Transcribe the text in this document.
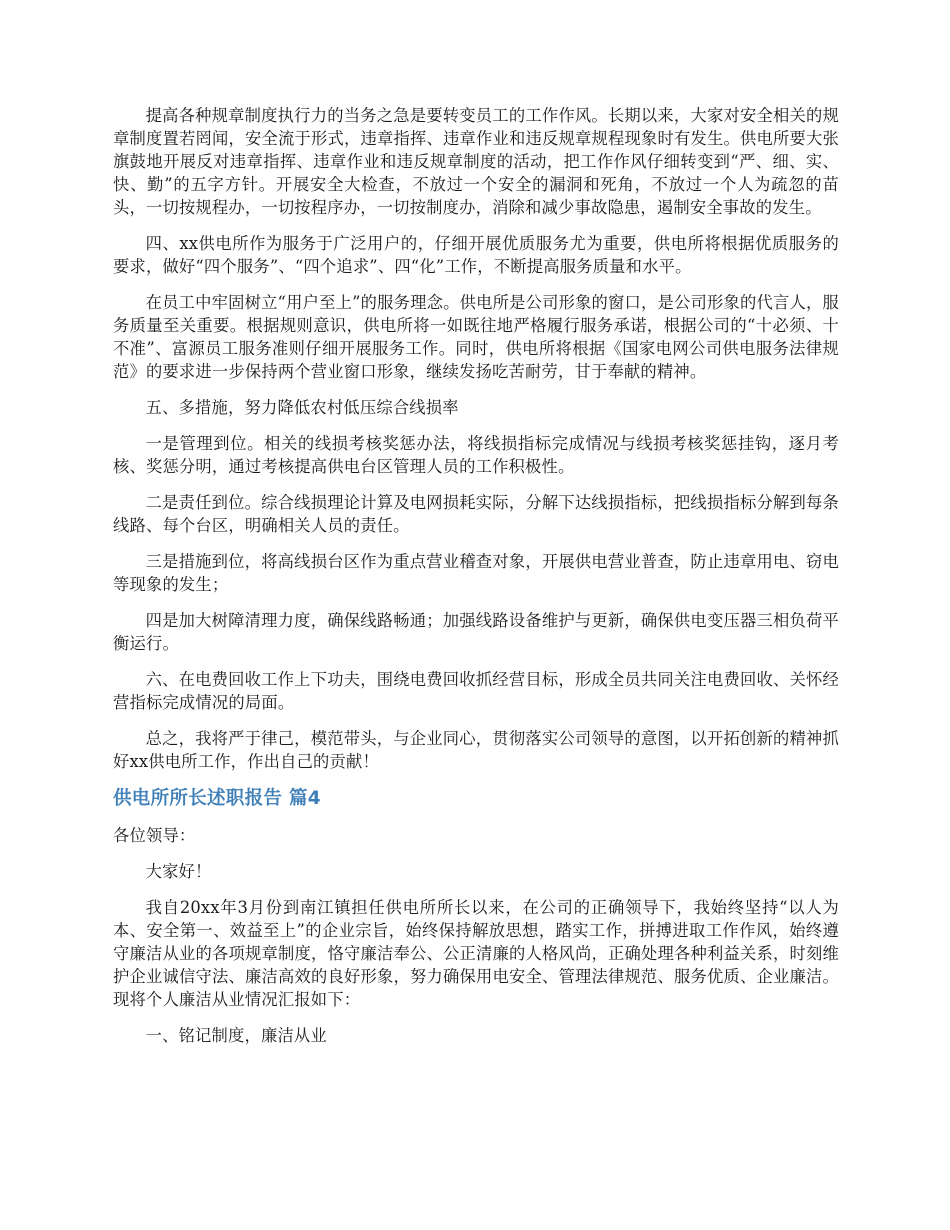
提高各种规章制度执行力的当务之急是要转变员工的工作作风。长期以来，大家对安全相关的规章制度置若罔闻，安全流于形式，违章指挥、违章作业和违反规章规程现象时有发生。供电所要大张旗鼓地开展反对违章指挥、违章作业和违反规章制度的活动，把工作作风仔细转变到“严、细、实、快、勤”的五字方针。开展安全大检查，不放过一个安全的漏洞和死角，不放过一个人为疏忽的苗头，一切按规程办，一切按程序办，一切按制度办，消除和减少事故隐患，遏制安全事故的发生。

四、xx供电所作为服务于广泛用户的，仔细开展优质服务尤为重要，供电所将根据优质服务的要求，做好“四个服务”、“四个追求”、四“化”工作，不断提高服务质量和水平。

在员工中牢固树立“用户至上”的服务理念。供电所是公司形象的窗口，是公司形象的代言人，服务质量至关重要。根据规则意识，供电所将一如既往地严格履行服务承诺，根据公司的“十必须、十不准”、富源员工服务准则仔细开展服务工作。同时，供电所将根据《国家电网公司供电服务法律规范》的要求进一步保持两个营业窗口形象，继续发扬吃苦耐劳，甘于奉献的精神。

五、多措施，努力降低农村低压综合线损率

一是管理到位。相关的线损考核奖惩办法，将线损指标完成情况与线损考核奖惩挂钩，逐月考核、奖惩分明，通过考核提高供电台区管理人员的工作积极性。

二是责任到位。综合线损理论计算及电网损耗实际，分解下达线损指标，把线损指标分解到每条线路、每个台区，明确相关人员的责任。

三是措施到位，将高线损台区作为重点营业稽查对象，开展供电营业普查，防止违章用电、窃电等现象的发生；

四是加大树障清理力度，确保线路畅通；加强线路设备维护与更新，确保供电变压器三相负荷平衡运行。

六、在电费回收工作上下功夫，围绕电费回收抓经营目标，形成全员共同关注电费回收、关怀经营指标完成情况的局面。

总之，我将严于律己，模范带头，与企业同心，贯彻落实公司领导的意图，以开拓创新的精神抓好xx供电所工作，作出自己的贡献！

供电所所长述职报告 篇4

各位领导：

大家好！

我自20xx年3月份到南江镇担任供电所所长以来，在公司的正确领导下，我始终坚持“以人为本、安全第一、效益至上”的企业宗旨，始终保持解放思想，踏实工作，拼搏进取工作作风，始终遵守廉洁从业的各项规章制度，恪守廉洁奉公、公正清廉的人格风尚，正确处理各种利益关系，时刻维护企业诚信守法、廉洁高效的良好形象，努力确保用电安全、管理法律规范、服务优质、企业廉洁。现将个人廉洁从业情况汇报如下：

一、铭记制度，廉洁从业
